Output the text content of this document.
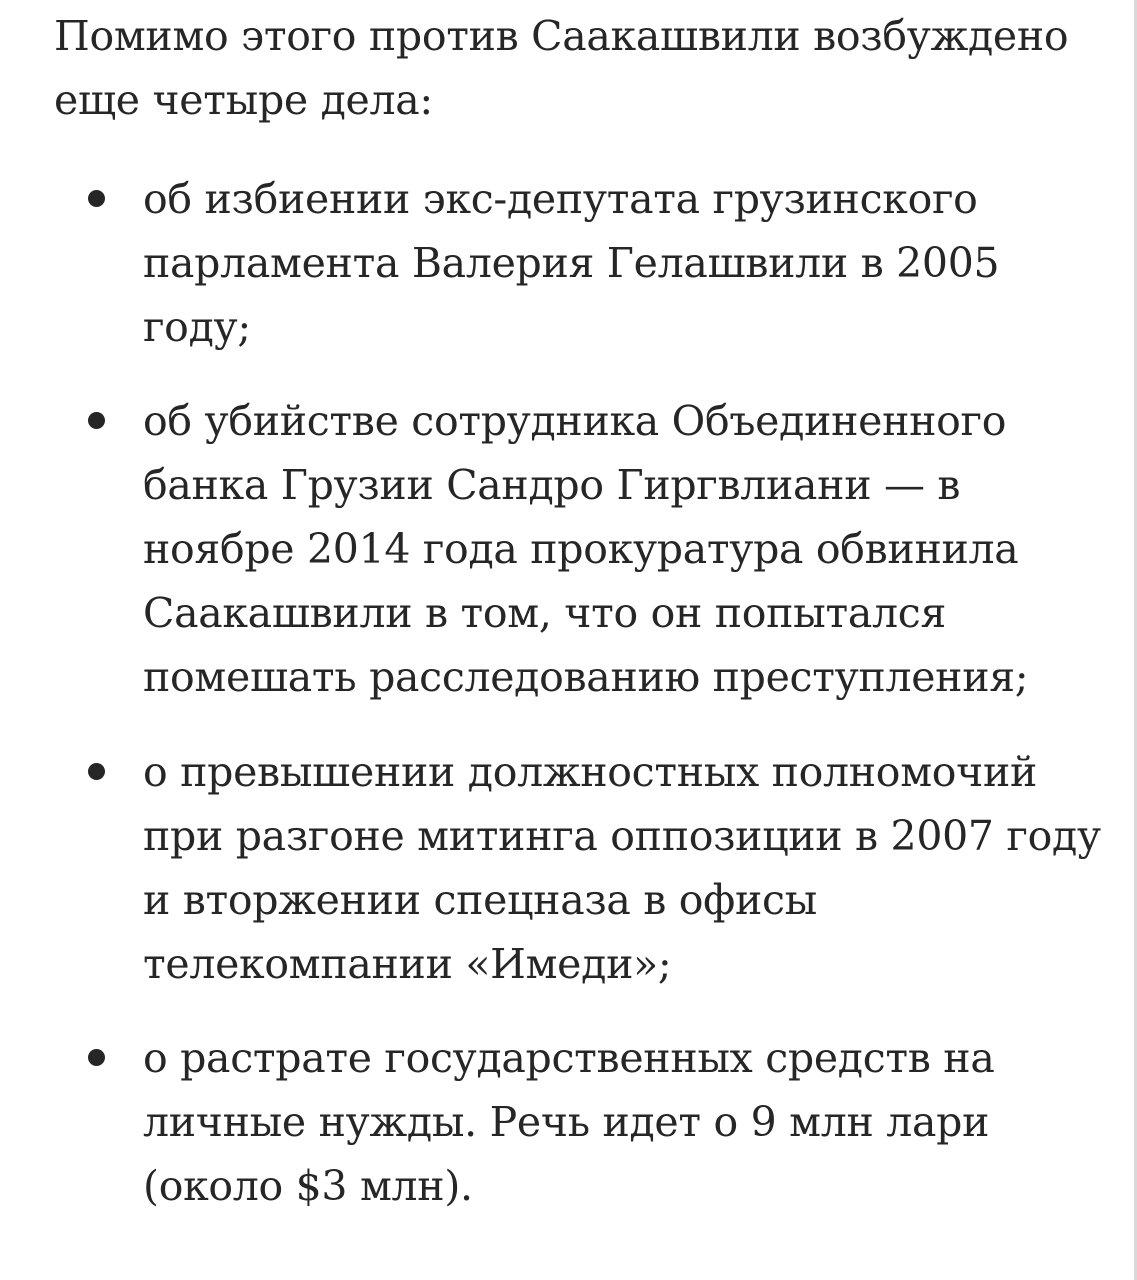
Помимо этого против Саакашвили возбуждено еще четыре дела:

об избиении экс-депутата грузинского парламента Валерия Гелашвили в 2005 году;
об убийстве сотрудника Объединенного банка Грузии Сандро Гиргвлиани — в ноябре 2014 года прокуратура обвинила Саакашвили в том, что он попытался помешать расследованию преступления;
о превышении должностных полномочий при разгоне митинга оппозиции в 2007 году и вторжении спецназа в офисы телекомпании «Имеди»;
о растрате государственных средств на личные нужды. Речь идет о 9 млн лари (около $3 млн).
